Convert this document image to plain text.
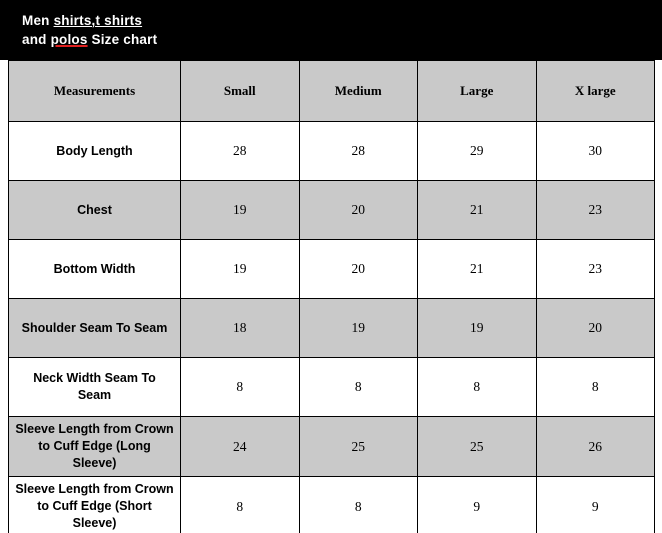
Men shirts,t shirts
and polos Size chart
Measurements	Small	Medium	Large	X large
Body Length	28	28	29	30
Chest	19	20	21	23
Bottom Width	19	20	21	23
Shoulder Seam To Seam	18	19	19	20
Neck Width Seam To Seam	8	8	8	8
Sleeve Length from Crown to Cuff Edge (Long Sleeve)	24	25	25	26
Sleeve Length from Crown to Cuff Edge (Short Sleeve)	8	8	9	9
